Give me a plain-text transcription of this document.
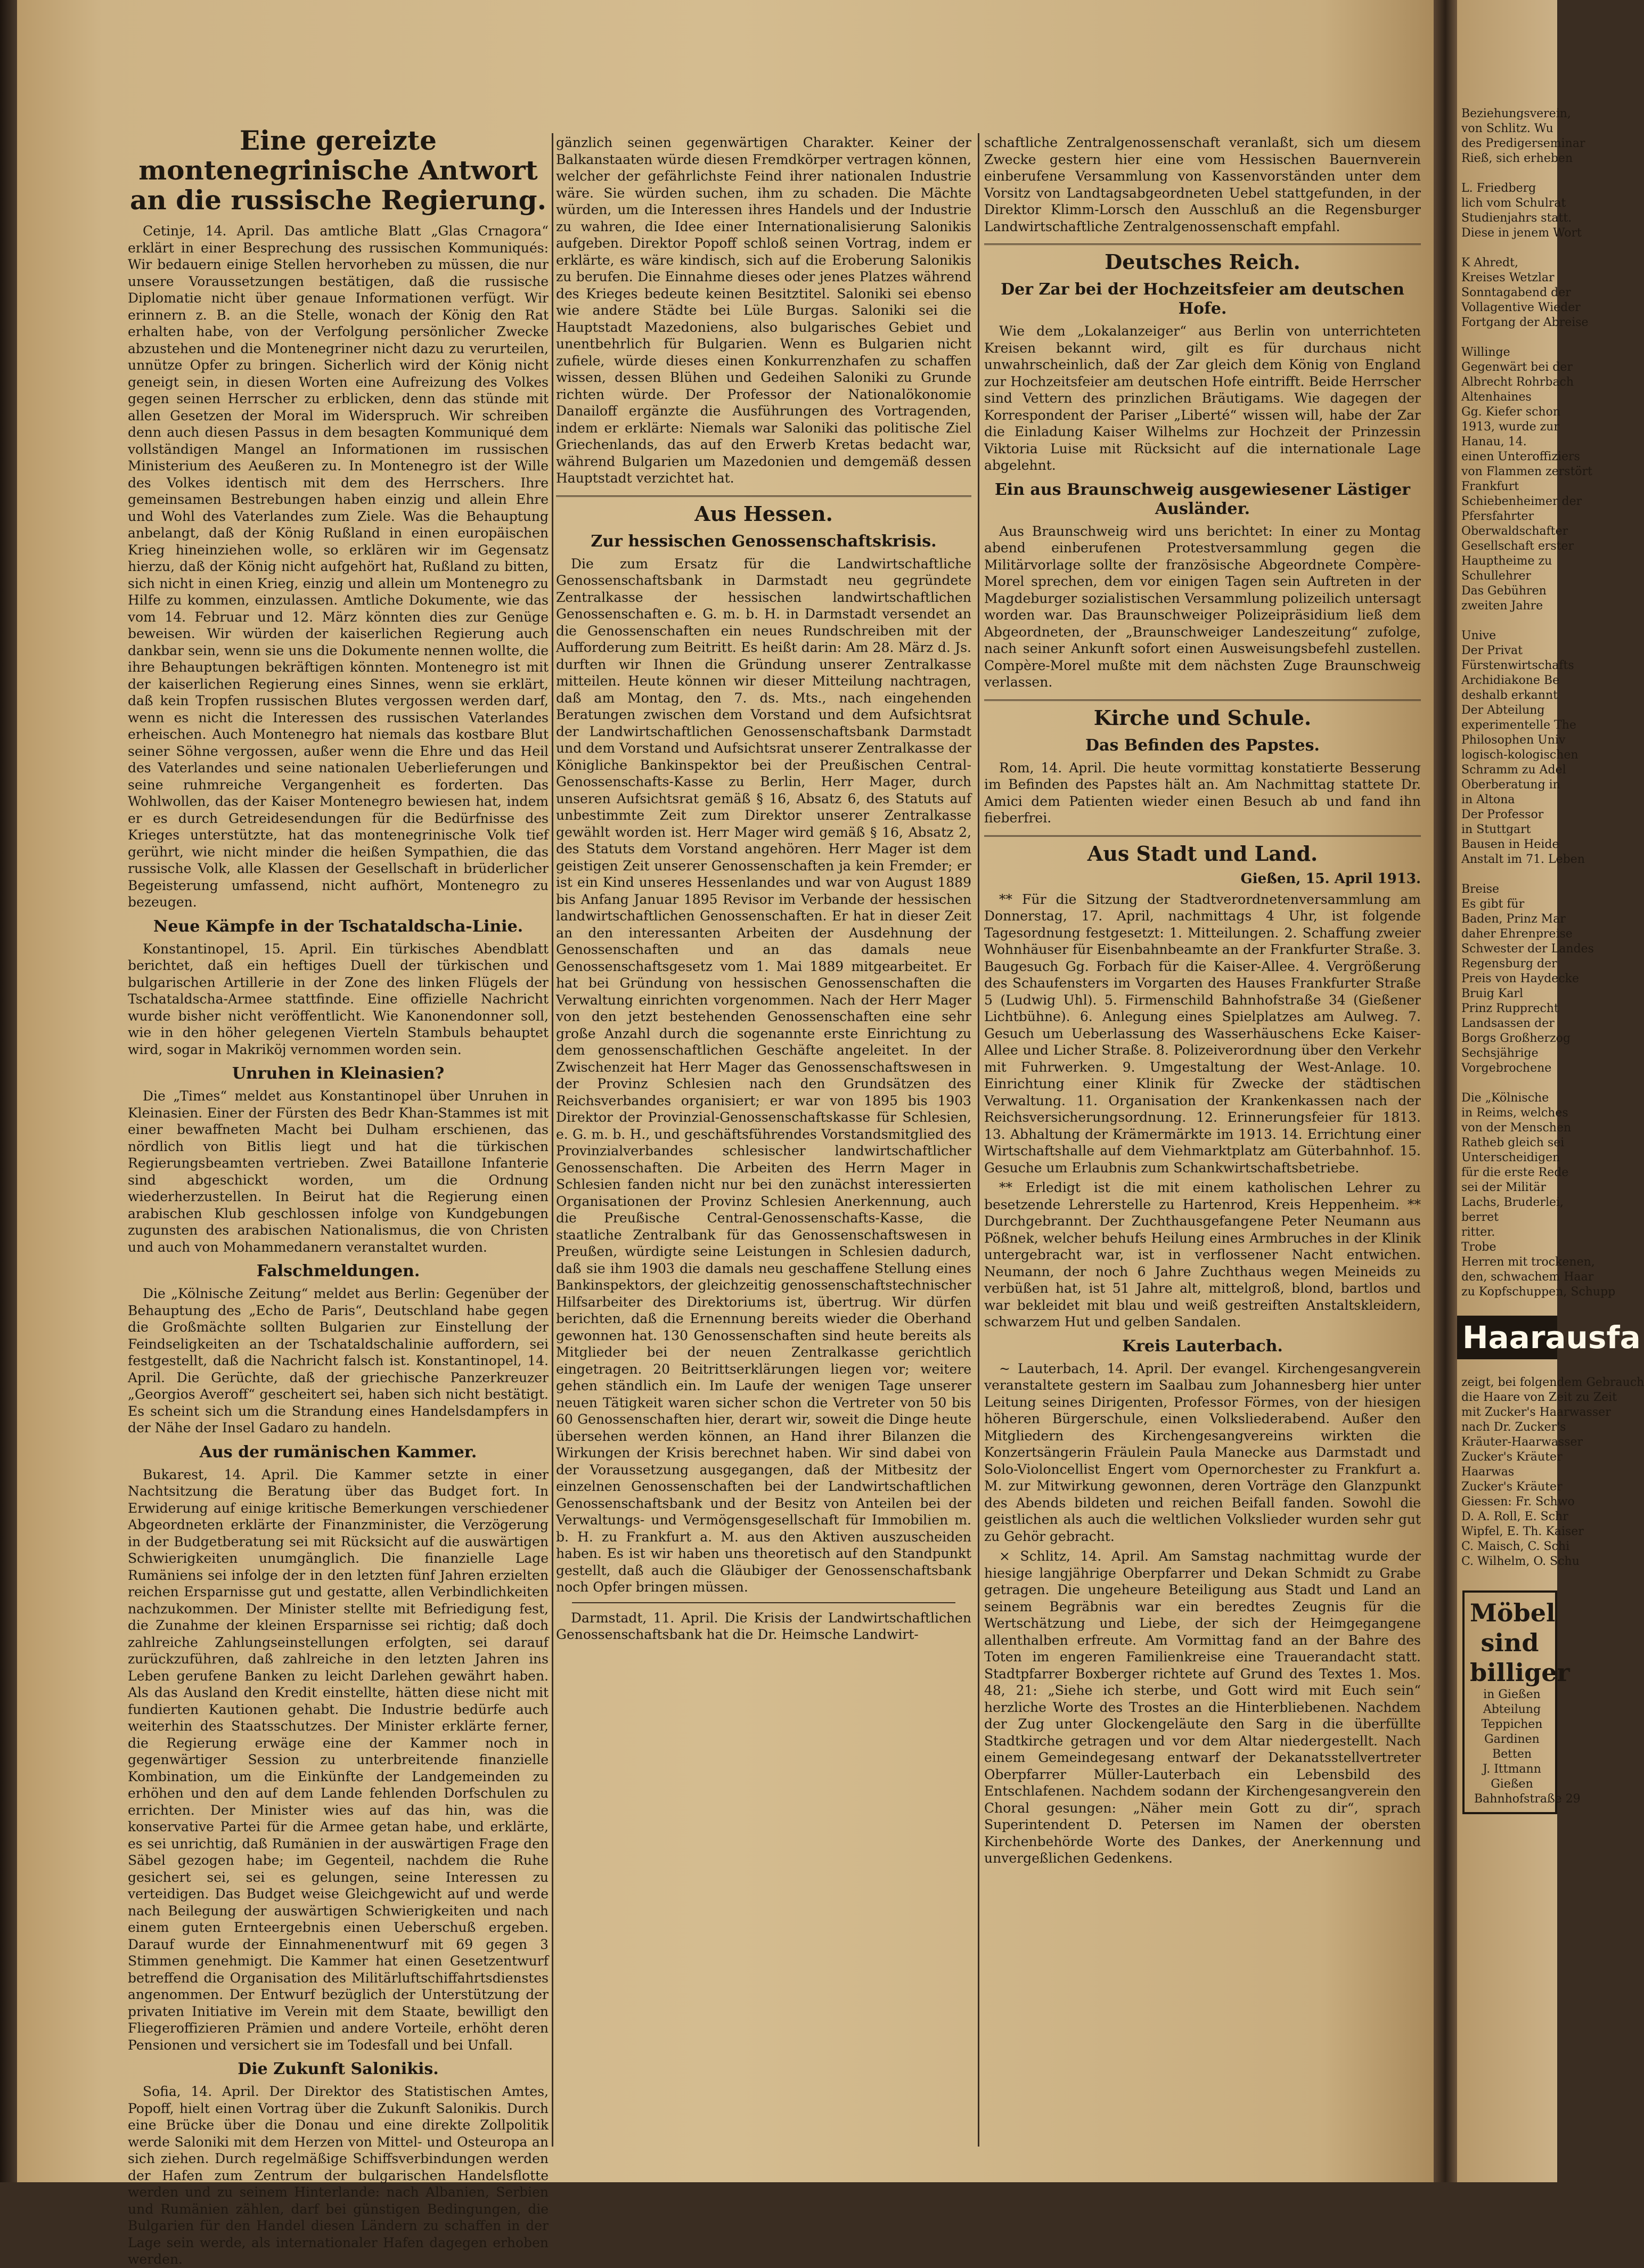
Eine gereizte montenegrinische Antwort an die russische Regierung.

Cetinje, 14. April. Das amtliche Blatt „Glas Crnagora“ erklärt in einer Besprechung des russischen Kommuniqués: Wir bedauern einige Stellen hervorheben zu müssen, die nur unsere Voraussetzungen bestätigen, daß die russische Diplomatie nicht über genaue Informationen verfügt. Wir erinnern z. B. an die Stelle, wonach der König den Rat erhalten habe, von der Verfolgung persönlicher Zwecke abzustehen und die Montenegriner nicht dazu zu verurteilen, unnütze Opfer zu bringen. Sicherlich wird der König nicht geneigt sein, in diesen Worten eine Aufreizung des Volkes gegen seinen Herrscher zu erblicken, denn das stünde mit allen Gesetzen der Moral im Widerspruch. Wir schreiben denn auch diesen Passus in dem besagten Kommuniqué dem vollständigen Mangel an Informationen im russischen Ministerium des Aeußeren zu. In Montenegro ist der Wille des Volkes identisch mit dem des Herrschers. Ihre gemeinsamen Bestrebungen haben einzig und allein Ehre und Wohl des Vaterlandes zum Ziele. Was die Behauptung anbelangt, daß der König Rußland in einen europäischen Krieg hineinziehen wolle, so erklären wir im Gegensatz hierzu, daß der König nicht aufgehört hat, Rußland zu bitten, sich nicht in einen Krieg, einzig und allein um Montenegro zu Hilfe zu kommen, einzulassen. Amtliche Dokumente, wie das vom 14. Februar und 12. März könnten dies zur Genüge beweisen. Wir würden der kaiserlichen Regierung auch dankbar sein, wenn sie uns die Dokumente nennen wollte, die ihre Behauptungen bekräftigen könnten. Montenegro ist mit der kaiserlichen Regierung eines Sinnes, wenn sie erklärt, daß kein Tropfen russischen Blutes vergossen werden darf, wenn es nicht die Interessen des russischen Vaterlandes erheischen. Auch Montenegro hat niemals das kostbare Blut seiner Söhne vergossen, außer wenn die Ehre und das Heil des Vaterlandes und seine nationalen Ueberlieferungen und seine ruhmreiche Vergangenheit es forderten. Das Wohlwollen, das der Kaiser Montenegro bewiesen hat, indem er es durch Getreidesendungen für die Bedürfnisse des Krieges unterstützte, hat das montenegrinische Volk tief gerührt, wie nicht minder die heißen Sympathien, die das russische Volk, alle Klassen der Gesellschaft in brüderlicher Begeisterung umfassend, nicht aufhört, Montenegro zu bezeugen.

Neue Kämpfe in der Tschataldscha-Linie.

Konstantinopel, 15. April. Ein türkisches Abendblatt berichtet, daß ein heftiges Duell der türkischen und bulgarischen Artillerie in der Zone des linken Flügels der Tschataldscha-Armee stattfinde. Eine offizielle Nachricht wurde bisher nicht veröffentlicht. Wie Kanonendonner soll, wie in den höher gelegenen Vierteln Stambuls behauptet wird, sogar in Makriköj vernommen worden sein.

Unruhen in Kleinasien?

Die „Times“ meldet aus Konstantinopel über Unruhen in Kleinasien. Einer der Fürsten des Bedr Khan-Stammes ist mit einer bewaffneten Macht bei Dulham erschienen, das nördlich von Bitlis liegt und hat die türkischen Regierungsbeamten vertrieben. Zwei Bataillone Infanterie sind abgeschickt worden, um die Ordnung wiederherzustellen. In Beirut hat die Regierung einen arabischen Klub geschlossen infolge von Kundgebungen zugunsten des arabischen Nationalismus, die von Christen und auch von Mohammedanern veranstaltet wurden.

Falschmeldungen.

Die „Kölnische Zeitung“ meldet aus Berlin: Gegenüber der Behauptung des „Echo de Paris“, Deutschland habe gegen die Großmächte sollten Bulgarien zur Einstellung der Feindseligkeiten an der Tschataldschalinie auffordern, sei festgestellt, daß die Nachricht falsch ist. Konstantinopel, 14. April. Die Gerüchte, daß der griechische Panzerkreuzer „Georgios Averoff“ gescheitert sei, haben sich nicht bestätigt. Es scheint sich um die Strandung eines Handelsdampfers in der Nähe der Insel Gadaro zu handeln.

Aus der rumänischen Kammer.

Bukarest, 14. April. Die Kammer setzte in einer Nachtsitzung die Beratung über das Budget fort. In Erwiderung auf einige kritische Bemerkungen verschiedener Abgeordneten erklärte der Finanzminister, die Verzögerung in der Budgetberatung sei mit Rücksicht auf die auswärtigen Schwierigkeiten unumgänglich. Die finanzielle Lage Rumäniens sei infolge der in den letzten fünf Jahren erzielten reichen Ersparnisse gut und gestatte, allen Verbindlichkeiten nachzukommen. Der Minister stellte mit Befriedigung fest, die Zunahme der kleinen Ersparnisse sei richtig; daß doch zahlreiche Zahlungseinstellungen erfolgten, sei darauf zurückzuführen, daß zahlreiche in den letzten Jahren ins Leben gerufene Banken zu leicht Darlehen gewährt haben. Als das Ausland den Kredit einstellte, hätten diese nicht mit fundierten Kautionen gehabt. Die Industrie bedürfe auch weiterhin des Staatsschutzes. Der Minister erklärte ferner, die Regierung erwäge eine der Kammer noch in gegenwärtiger Session zu unterbreitende finanzielle Kombination, um die Einkünfte der Landgemeinden zu erhöhen und den auf dem Lande fehlenden Dorfschulen zu errichten. Der Minister wies auf das hin, was die konservative Partei für die Armee getan habe, und erklärte, es sei unrichtig, daß Rumänien in der auswärtigen Frage den Säbel gezogen habe; im Gegenteil, nachdem die Ruhe gesichert sei, sei es gelungen, seine Interessen zu verteidigen. Das Budget weise Gleichgewicht auf und werde nach Beilegung der auswärtigen Schwierigkeiten und nach einem guten Ernteergebnis einen Ueberschuß ergeben. Darauf wurde der Einnahmenentwurf mit 69 gegen 3 Stimmen genehmigt. Die Kammer hat einen Gesetzentwurf betreffend die Organisation des Militärluftschiffahrtsdienstes angenommen. Der Entwurf bezüglich der Unterstützung der privaten Initiative im Verein mit dem Staate, bewilligt den Fliegeroffizieren Prämien und andere Vorteile, erhöht deren Pensionen und versichert sie im Todesfall und bei Unfall.

Die Zukunft Salonikis.

Sofia, 14. April. Der Direktor des Statistischen Amtes, Popoff, hielt einen Vortrag über die Zukunft Salonikis. Durch eine Brücke über die Donau und eine direkte Zollpolitik werde Saloniki mit dem Herzen von Mittel- und Osteuropa an sich ziehen. Durch regelmäßige Schiffsverbindungen werden der Hafen zum Zentrum der bulgarischen Handelsflotte werden und zu seinem Hinterlande: nach Albanien, Serbien und Rumänien zählen, darf bei günstigen Bedingungen, die Bulgarien für den Handel diesen Ländern zu schaffen in der Lage sein werde, als internationaler Hafen dagegen erhoben werden.

gänzlich seinen gegenwärtigen Charakter. Keiner der Balkanstaaten würde diesen Fremdkörper vertragen können, welcher der gefährlichste Feind ihrer nationalen Industrie wäre. Sie würden suchen, ihm zu schaden. Die Mächte würden, um die Interessen ihres Handels und der Industrie zu wahren, die Idee einer Internationalisierung Salonikis aufgeben. Direktor Popoff schloß seinen Vortrag, indem er erklärte, es wäre kindisch, sich auf die Eroberung Salonikis zu berufen. Die Einnahme dieses oder jenes Platzes während des Krieges bedeute keinen Besitztitel. Saloniki sei ebenso wie andere Städte bei Lüle Burgas. Saloniki sei die Hauptstadt Mazedoniens, also bulgarisches Gebiet und unentbehrlich für Bulgarien. Wenn es Bulgarien nicht zufiele, würde dieses einen Konkurrenzhafen zu schaffen wissen, dessen Blühen und Gedeihen Saloniki zu Grunde richten würde. Der Professor der Nationalökonomie Danailoff ergänzte die Ausführungen des Vortragenden, indem er erklärte: Niemals war Saloniki das politische Ziel Griechenlands, das auf den Erwerb Kretas bedacht war, während Bulgarien um Mazedonien und demgemäß dessen Hauptstadt verzichtet hat.

Aus Hessen.
Zur hessischen Genossenschaftskrisis.

Die zum Ersatz für die Landwirtschaftliche Genossenschaftsbank in Darmstadt neu gegründete Zentralkasse der hessischen landwirtschaftlichen Genossenschaften e. G. m. b. H. in Darmstadt versendet an die Genossenschaften ein neues Rundschreiben mit der Aufforderung zum Beitritt. Es heißt darin: Am 28. März d. Js. durften wir Ihnen die Gründung unserer Zentralkasse mitteilen. Heute können wir dieser Mitteilung nachtragen, daß am Montag, den 7. ds. Mts., nach eingehenden Beratungen zwischen dem Vorstand und dem Aufsichtsrat der Landwirtschaftlichen Genossenschaftsbank Darmstadt und dem Vorstand und Aufsichtsrat unserer Zentralkasse der Königliche Bankinspektor bei der Preußischen Central-Genossenschafts-Kasse zu Berlin, Herr Mager, durch unseren Aufsichtsrat gemäß § 16, Absatz 6, des Statuts auf unbestimmte Zeit zum Direktor unserer Zentralkasse gewählt worden ist. Herr Mager wird gemäß § 16, Absatz 2, des Statuts dem Vorstand angehören. Herr Mager ist dem geistigen Zeit unserer Genossenschaften ja kein Fremder; er ist ein Kind unseres Hessenlandes und war von August 1889 bis Anfang Januar 1895 Revisor im Verbande der hessischen landwirtschaftlichen Genossenschaften. Er hat in dieser Zeit an den interessanten Arbeiten der Ausdehnung der Genossenschaften und an das damals neue Genossenschaftsgesetz vom 1. Mai 1889 mitgearbeitet. Er hat bei Gründung von hessischen Genossenschaften die Verwaltung einrichten vorgenommen. Nach der Herr Mager von den jetzt bestehenden Genossenschaften eine sehr große Anzahl durch die sogenannte erste Einrichtung zu dem genossenschaftlichen Geschäfte angeleitet. In der Zwischenzeit hat Herr Mager das Genossenschaftswesen in der Provinz Schlesien nach den Grundsätzen des Reichsverbandes organisiert; er war von 1895 bis 1903 Direktor der Provinzial-Genossenschaftskasse für Schlesien, e. G. m. b. H., und geschäftsführendes Vorstandsmitglied des Provinzialverbandes schlesischer landwirtschaftlicher Genossenschaften. Die Arbeiten des Herrn Mager in Schlesien fanden nicht nur bei den zunächst interessierten Organisationen der Provinz Schlesien Anerkennung, auch die Preußische Central-Genossenschafts-Kasse, die staatliche Zentralbank für das Genossenschaftswesen in Preußen, würdigte seine Leistungen in Schlesien dadurch, daß sie ihm 1903 die damals neu geschaffene Stellung eines Bankinspektors, der gleichzeitig genossenschaftstechnischer Hilfsarbeiter des Direktoriums ist, übertrug. Wir dürfen berichten, daß die Ernennung bereits wieder die Oberhand gewonnen hat. 130 Genossenschaften sind heute bereits als Mitglieder bei der neuen Zentralkasse gerichtlich eingetragen. 20 Beitrittserklärungen liegen vor; weitere gehen ständlich ein. Im Laufe der wenigen Tage unserer neuen Tätigkeit waren sicher schon die Vertreter von 50 bis 60 Genossenschaften hier, derart wir, soweit die Dinge heute übersehen werden können, an Hand ihrer Bilanzen die Wirkungen der Krisis berechnet haben. Wir sind dabei von der Voraussetzung ausgegangen, daß der Mitbesitz der einzelnen Genossenschaften bei der Landwirtschaftlichen Genossenschaftsbank und der Besitz von Anteilen bei der Verwaltungs- und Vermögensgesellschaft für Immobilien m. b. H. zu Frankfurt a. M. aus den Aktiven auszuscheiden haben. Es ist wir haben uns theoretisch auf den Standpunkt gestellt, daß auch die Gläubiger der Genossenschaftsbank noch Opfer bringen müssen.

Darmstadt, 11. April. Die Krisis der Landwirtschaftlichen Genossenschaftsbank hat die Dr. Heimsche Landwirt-

schaftliche Zentralgenossenschaft veranlaßt, sich um diesem Zwecke gestern hier eine vom Hessischen Bauernverein einberufene Versammlung von Kassenvorständen unter dem Vorsitz von Landtagsabgeordneten Uebel stattgefunden, in der Direktor Klimm-Lorsch den Ausschluß an die Regensburger Landwirtschaftliche Zentralgenossenschaft empfahl.

Deutsches Reich.
Der Zar bei der Hochzeitsfeier am deutschen Hofe.

Wie dem „Lokalanzeiger“ aus Berlin von unterrichteten Kreisen bekannt wird, gilt es für durchaus nicht unwahrscheinlich, daß der Zar gleich dem König von England zur Hochzeitsfeier am deutschen Hofe eintrifft. Beide Herrscher sind Vettern des prinzlichen Bräutigams. Wie dagegen der Korrespondent der Pariser „Liberté“ wissen will, habe der Zar die Einladung Kaiser Wilhelms zur Hochzeit der Prinzessin Viktoria Luise mit Rücksicht auf die internationale Lage abgelehnt.

Ein aus Braunschweig ausgewiesener Lästiger Ausländer.

Aus Braunschweig wird uns berichtet: In einer zu Montag abend einberufenen Protestversammlung gegen die Militärvorlage sollte der französische Abgeordnete Compère-Morel sprechen, dem vor einigen Tagen sein Auftreten in der Magdeburger sozialistischen Versammlung polizeilich untersagt worden war. Das Braunschweiger Polizeipräsidium ließ dem Abgeordneten, der „Braunschweiger Landeszeitung“ zufolge, nach seiner Ankunft sofort einen Ausweisungsbefehl zustellen. Compère-Morel mußte mit dem nächsten Zuge Braunschweig verlassen.

Kirche und Schule.
Das Befinden des Papstes.

Rom, 14. April. Die heute vormittag konstatierte Besserung im Befinden des Papstes hält an. Am Nachmittag stattete Dr. Amici dem Patienten wieder einen Besuch ab und fand ihn fieberfrei.

Aus Stadt und Land.
Gießen, 15. April 1913.

** Für die Sitzung der Stadtverordnetenversammlung am Donnerstag, 17. April, nachmittags 4 Uhr, ist folgende Tagesordnung festgesetzt: 1. Mitteilungen. 2. Schaffung zweier Wohnhäuser für Eisenbahnbeamte an der Frankfurter Straße. 3. Baugesuch Gg. Forbach für die Kaiser-Allee. 4. Vergrößerung des Schaufensters im Vorgarten des Hauses Frankfurter Straße 5 (Ludwig Uhl). 5. Firmenschild Bahnhofstraße 34 (Gießener Lichtbühne). 6. Anlegung eines Spielplatzes am Aulweg. 7. Gesuch um Ueberlassung des Wasserhäuschens Ecke Kaiser-Allee und Licher Straße. 8. Polizeiverordnung über den Verkehr mit Fuhrwerken. 9. Umgestaltung der West-Anlage. 10. Einrichtung einer Klinik für Zwecke der städtischen Verwaltung. 11. Organisation der Krankenkassen nach der Reichsversicherungsordnung. 12. Erinnerungsfeier für 1813. 13. Abhaltung der Krämermärkte im 1913. 14. Errichtung einer Wirtschaftshalle auf dem Viehmarktplatz am Güterbahnhof. 15. Gesuche um Erlaubnis zum Schankwirtschaftsbetriebe.

** Erledigt ist die mit einem katholischen Lehrer zu besetzende Lehrerstelle zu Hartenrod, Kreis Heppenheim. ** Durchgebrannt. Der Zuchthausgefangene Peter Neumann aus Pößnek, welcher behufs Heilung eines Armbruches in der Klinik untergebracht war, ist in verflossener Nacht entwichen. Neumann, der noch 6 Jahre Zuchthaus wegen Meineids zu verbüßen hat, ist 51 Jahre alt, mittelgroß, blond, bartlos und war bekleidet mit blau und weiß gestreiften Anstaltskleidern, schwarzem Hut und gelben Sandalen.

Kreis Lauterbach.

~ Lauterbach, 14. April. Der evangel. Kirchengesangverein veranstaltete gestern im Saalbau zum Johannesberg hier unter Leitung seines Dirigenten, Professor Förmes, von der hiesigen höheren Bürgerschule, einen Volksliederabend. Außer den Mitgliedern des Kirchengesangvereins wirkten die Konzertsängerin Fräulein Paula Manecke aus Darmstadt und Solo-Violoncellist Engert vom Opernorchester zu Frankfurt a. M. zur Mitwirkung gewonnen, deren Vorträge den Glanzpunkt des Abends bildeten und reichen Beifall fanden. Sowohl die geistlichen als auch die weltlichen Volkslieder wurden sehr gut zu Gehör gebracht.

× Schlitz, 14. April. Am Samstag nachmittag wurde der hiesige langjährige Oberpfarrer und Dekan Schmidt zu Grabe getragen. Die ungeheure Beteiligung aus Stadt und Land an seinem Begräbnis war ein beredtes Zeugnis für die Wertschätzung und Liebe, der sich der Heimgegangene allenthalben erfreute. Am Vormittag fand an der Bahre des Toten im engeren Familienkreise eine Trauerandacht statt. Stadtpfarrer Boxberger richtete auf Grund des Textes 1. Mos. 48, 21: „Siehe ich sterbe, und Gott wird mit Euch sein“ herzliche Worte des Trostes an die Hinterbliebenen. Nachdem der Zug unter Glockengeläute den Sarg in die überfüllte Stadtkirche getragen und vor dem Altar niedergestellt. Nach einem Gemeindegesang entwarf der Dekanatsstellvertreter Oberpfarrer Müller-Lauterbach ein Lebensbild des Entschlafenen. Nachdem sodann der Kirchengesangverein den Choral gesungen: „Näher mein Gott zu dir“, sprach Superintendent D. Petersen im Namen der obersten Kirchenbehörde Worte des Dankes, der Anerkennung und unvergeßlichen Gedenkens.

Beziehungsverein,
von Schlitz. Wu
des Predigerseminar
Rieß, sich erheben

L. Friedberg
lich vom Schulrat
Studienjahrs statt.
Diese in jenem Wort

K Ahredt,
Kreises Wetzlar
Sonntagabend der
Vollagentive Wieder
Fortgang der Abreise

Willinge
Gegenwärt bei der
Albrecht Rohrbach
Altenhaines
Gg. Kiefer schon
1913, wurde zur
Hanau, 14.
einen Unteroffiziers
von Flammen zerstört
Frankfurt
Schiebenheimer der
Pfersfahrter
Oberwaldschafter
Gesellschaft erster
Hauptheime zu
Schullehrer
Das Gebühren
zweiten Jahre

Unive
Der Privat
Fürstenwirtschafts
Archidiakone Be
deshalb erkannt
Der Abteilung
experimentelle The
Philosophen Univ
logisch-kologischen
Schramm zu Adel
Oberberatung in
in Altona
Der Professor
in Stuttgart
Bausen in Heide
Anstalt im 71. Leben

Breise
Es gibt für
Baden, Prinz Mar
daher Ehrenpreise
Schwester der Landes
Regensburg der
Preis von Haydecke
Bruig Karl
Prinz Rupprecht
Landsassen der
Borgs Großherzog
Sechsjährige
Vorgebrochene

Die „Kölnische
in Reims, welches
von der Menschen
Ratheb gleich sei
Unterscheidigen
für die erste Rede
sei der Militär
Lachs, Bruderlei,
berret
ritter.
Trobe
Herren mit trockenen,
den, schwachem Haar
zu Kopfschuppen, Schupp
Haarausfa
zeigt, bei folgendem Gebrauch
die Haare von Zeit zu Zeit
mit Zucker's Haarwasser
nach Dr. Zucker's
Kräuter-Haarwasser
Zucker's Kräuter
Haarwas
Zucker's Kräuter
Giessen: Fr. Schwo
D. A. Roll, E. Schr
Wipfel, E. Th. Kaiser
C. Maisch, C. Schi
C. Wilhelm, O. Schu
Möbel sind billiger
in Gießen
Abteilung
Teppichen
Gardinen
Betten
J. Ittmann
Gießen
Bahnhofstraße 29
